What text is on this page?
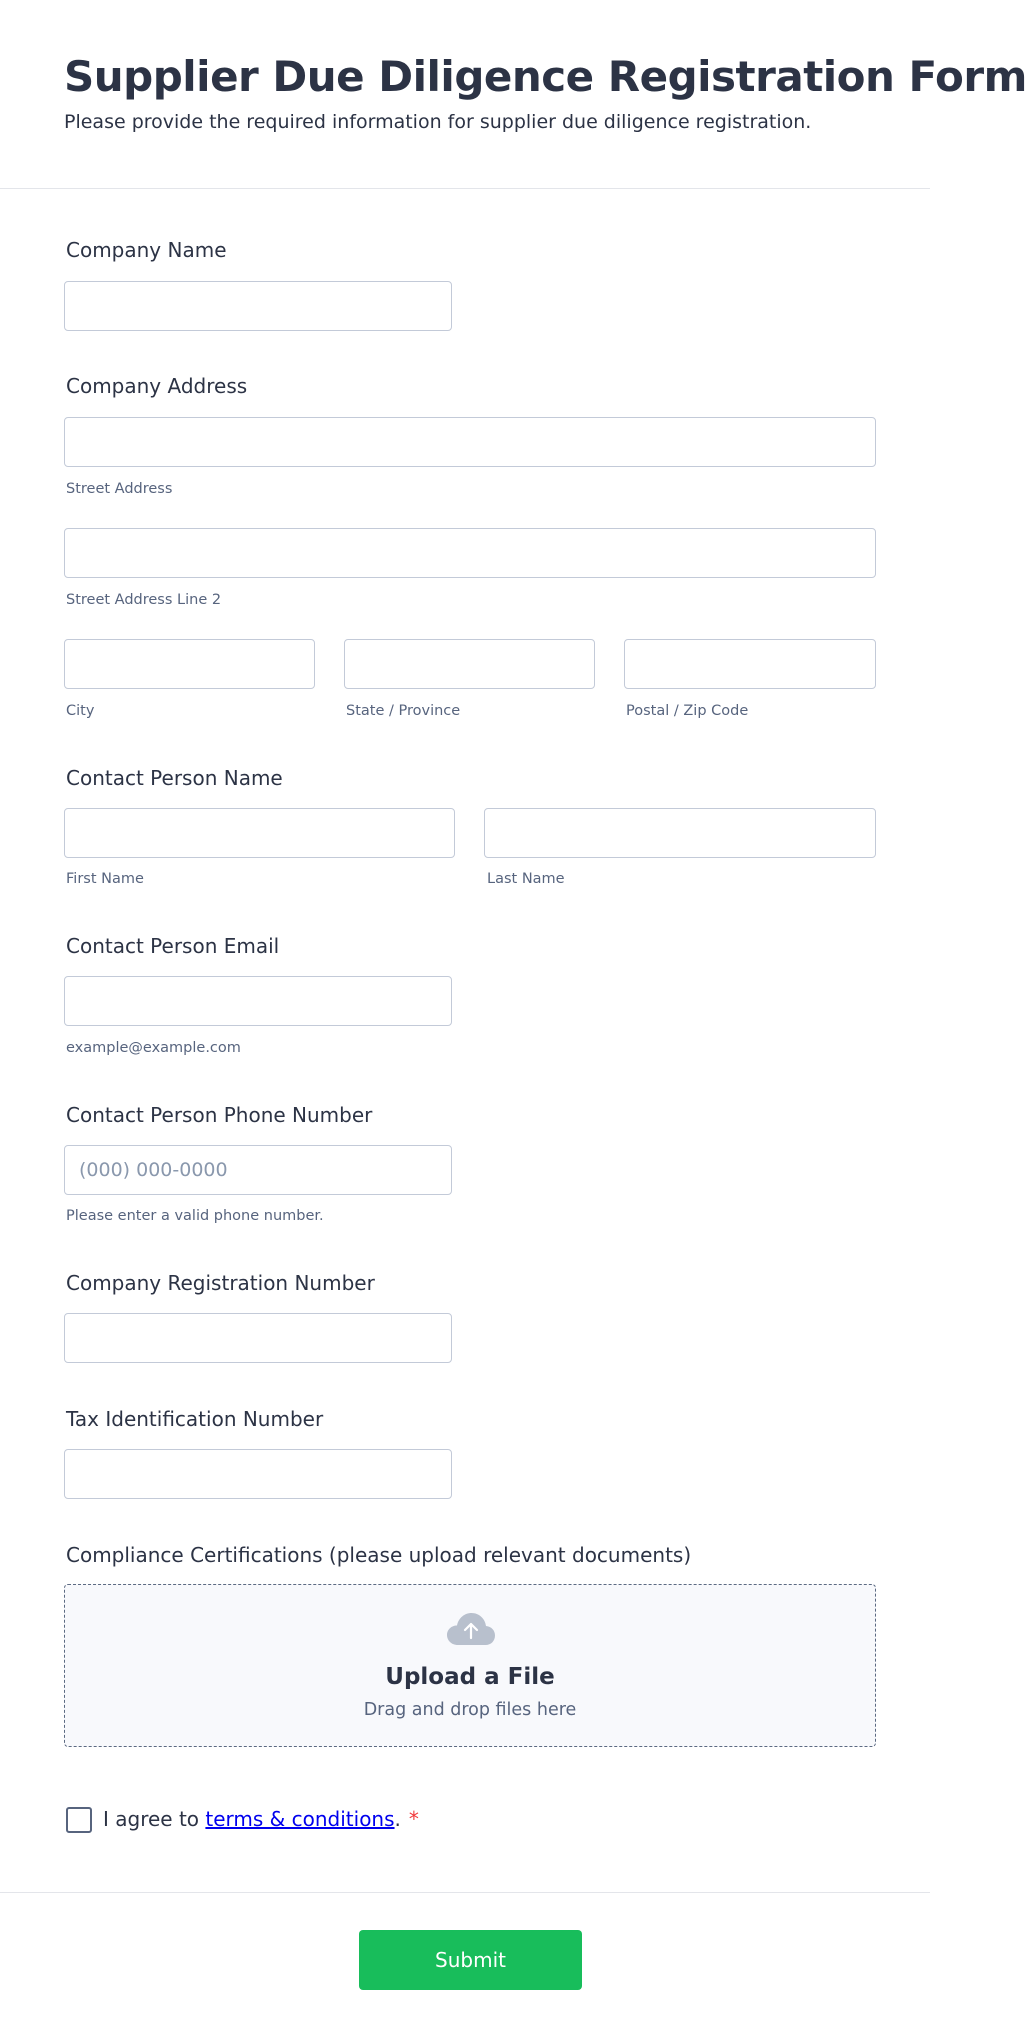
Supplier Due Diligence Registration Form
Please provide the required information for supplier due diligence registration.
Company Name
Company Address
Street Address
Street Address Line 2
City	State / Province	Postal / Zip Code
Contact Person Name
First Name	Last Name
Contact Person Email
example@example.com
Contact Person Phone Number
(000) 000-0000
Please enter a valid phone number.
Company Registration Number
Tax Identification Number
Compliance Certifications (please upload relevant documents)
Upload a File
Drag and drop files here
I agree to terms & conditions. *
Submit
